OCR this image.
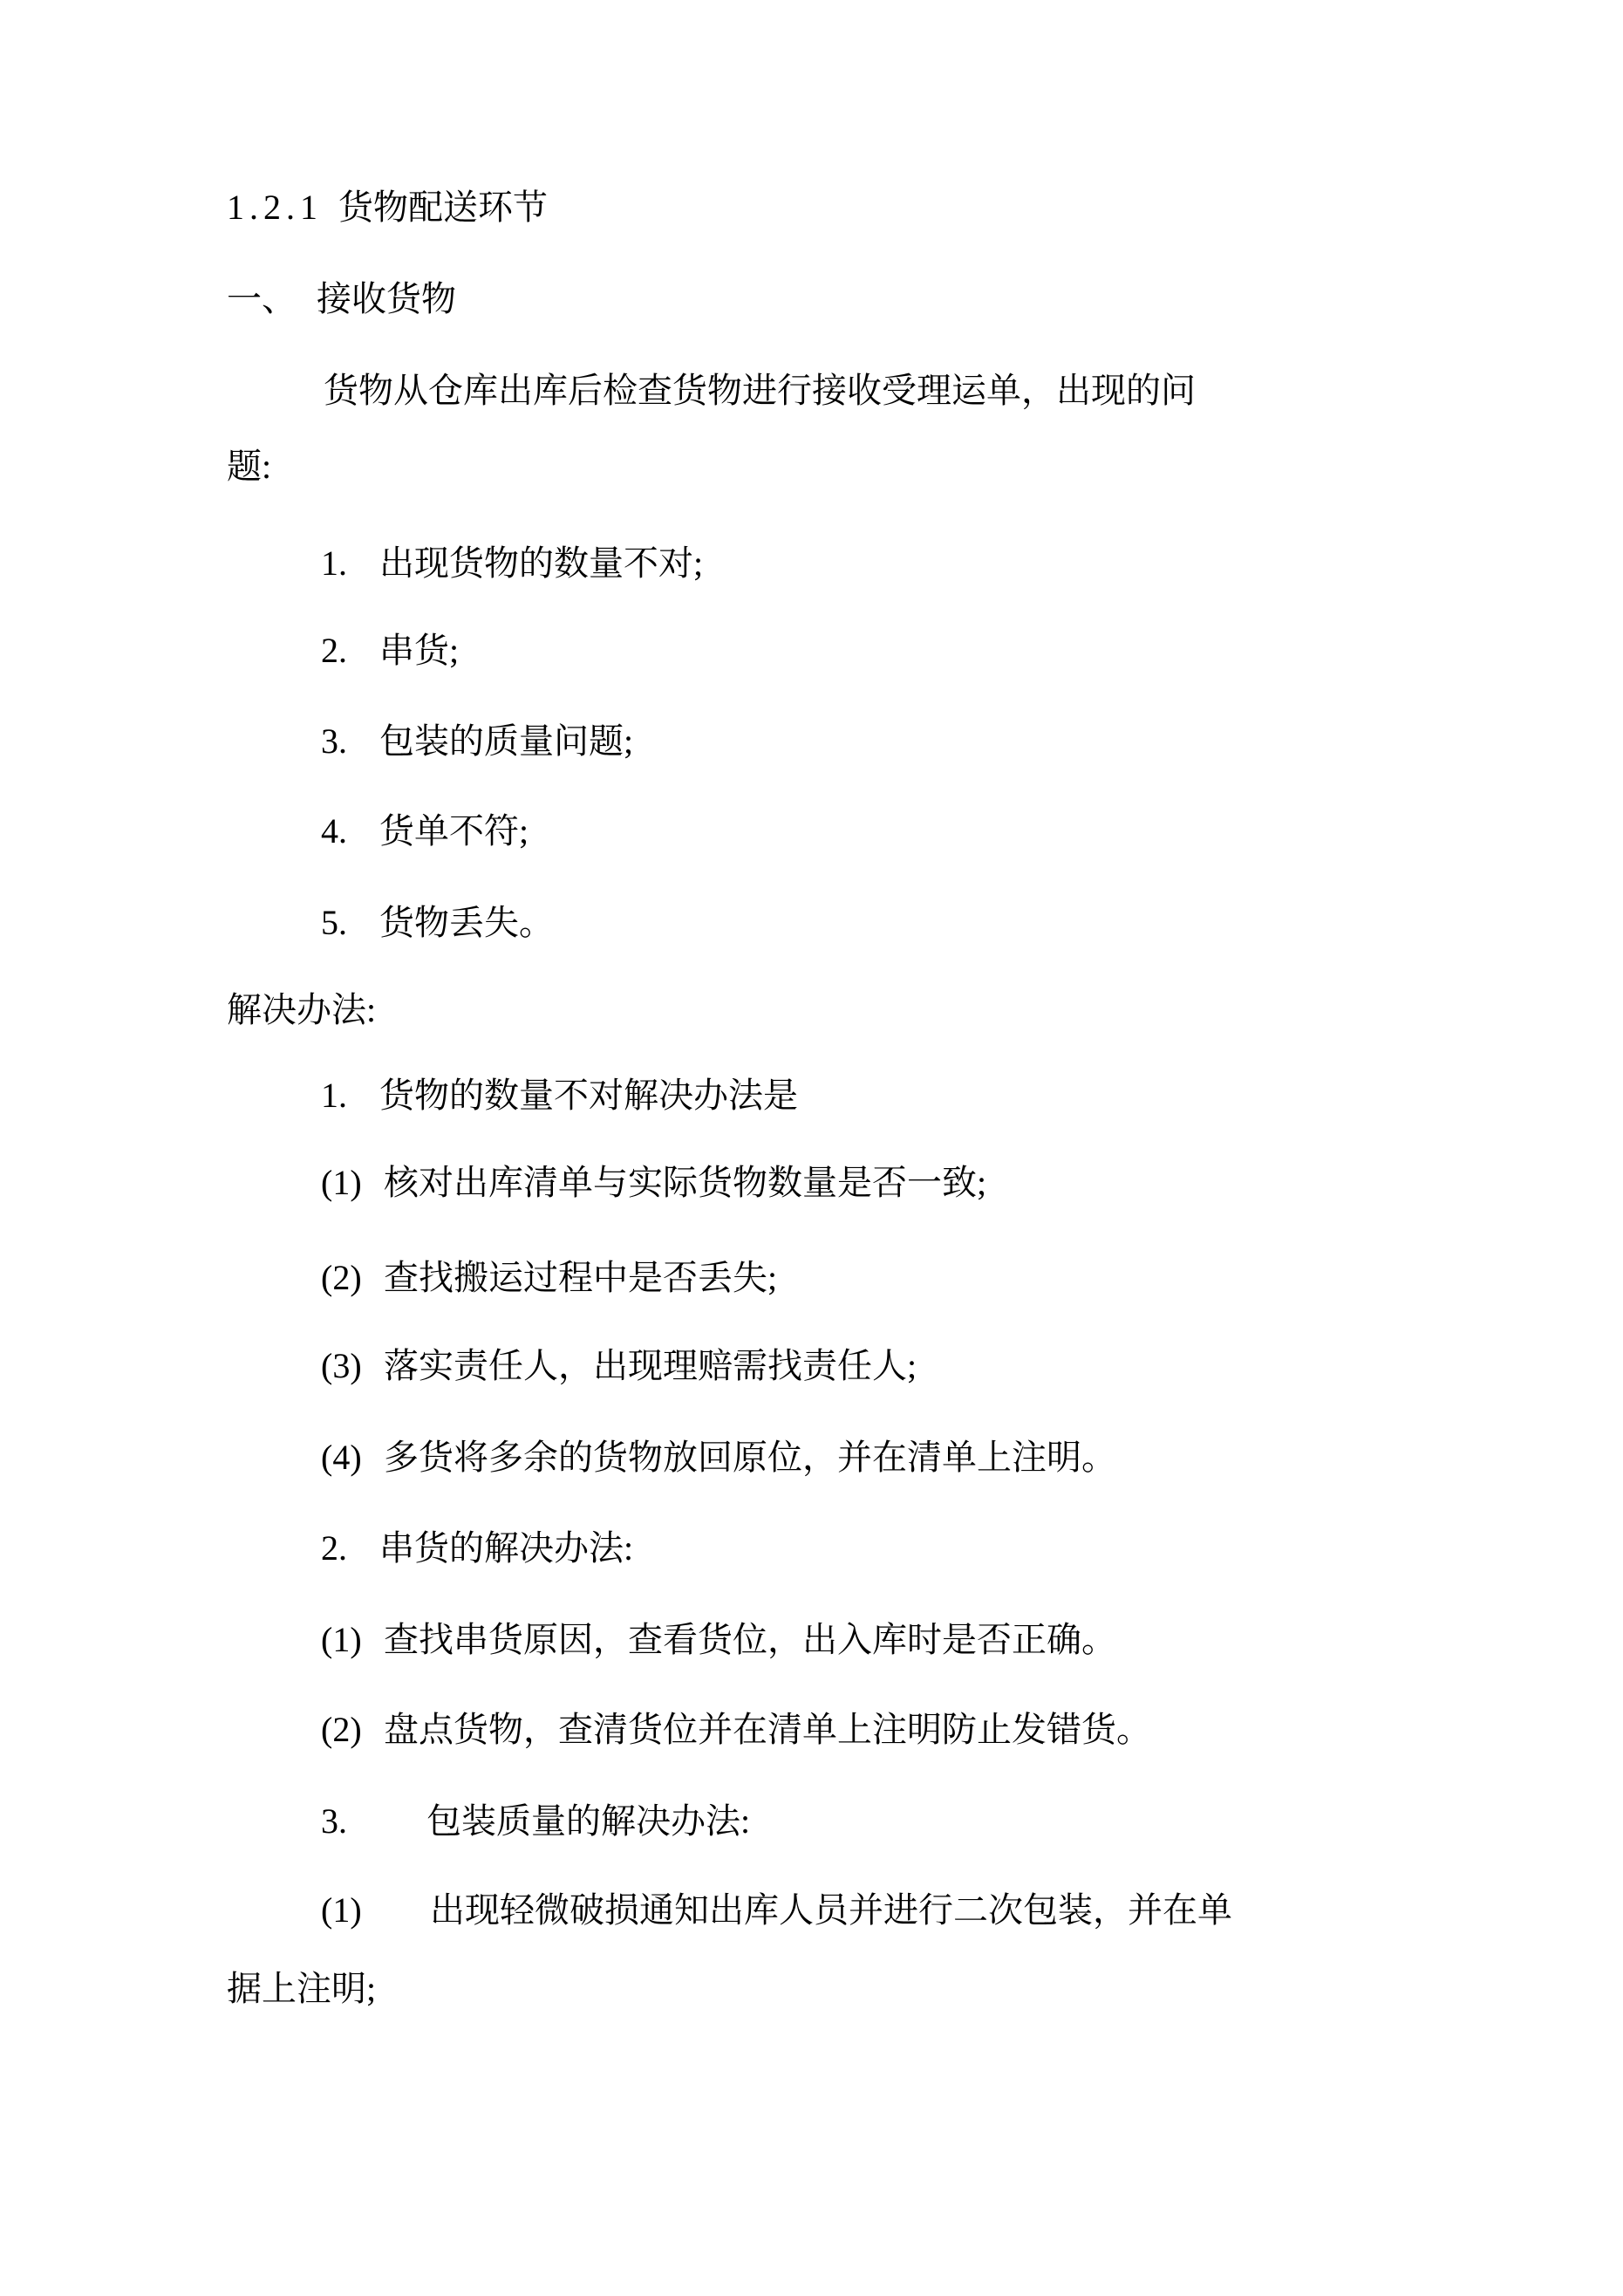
1.2.1 货物配送环节
一、 接收货物
货物从仓库出库后检查货物进行接收受理运单，出现的问
题:
1. 出现货物的数量不对;
2. 串货;
3. 包装的质量问题;
4. 货单不符;
5. 货物丢失。
解决办法:
1. 货物的数量不对解决办法是
(1) 核对出库清单与实际货物数量是否一致;
(2) 查找搬运过程中是否丢失;
(3) 落实责任人，出现理赔需找责任人;
(4) 多货将多余的货物放回原位，并在清单上注明。
2. 串货的解决办法:
(1) 查找串货原因，查看货位，出入库时是否正确。
(2) 盘点货物，查清货位并在清单上注明防止发错货。
3. 包装质量的解决办法:
(1) 出现轻微破损通知出库人员并进行二次包装，并在单
据上注明;
